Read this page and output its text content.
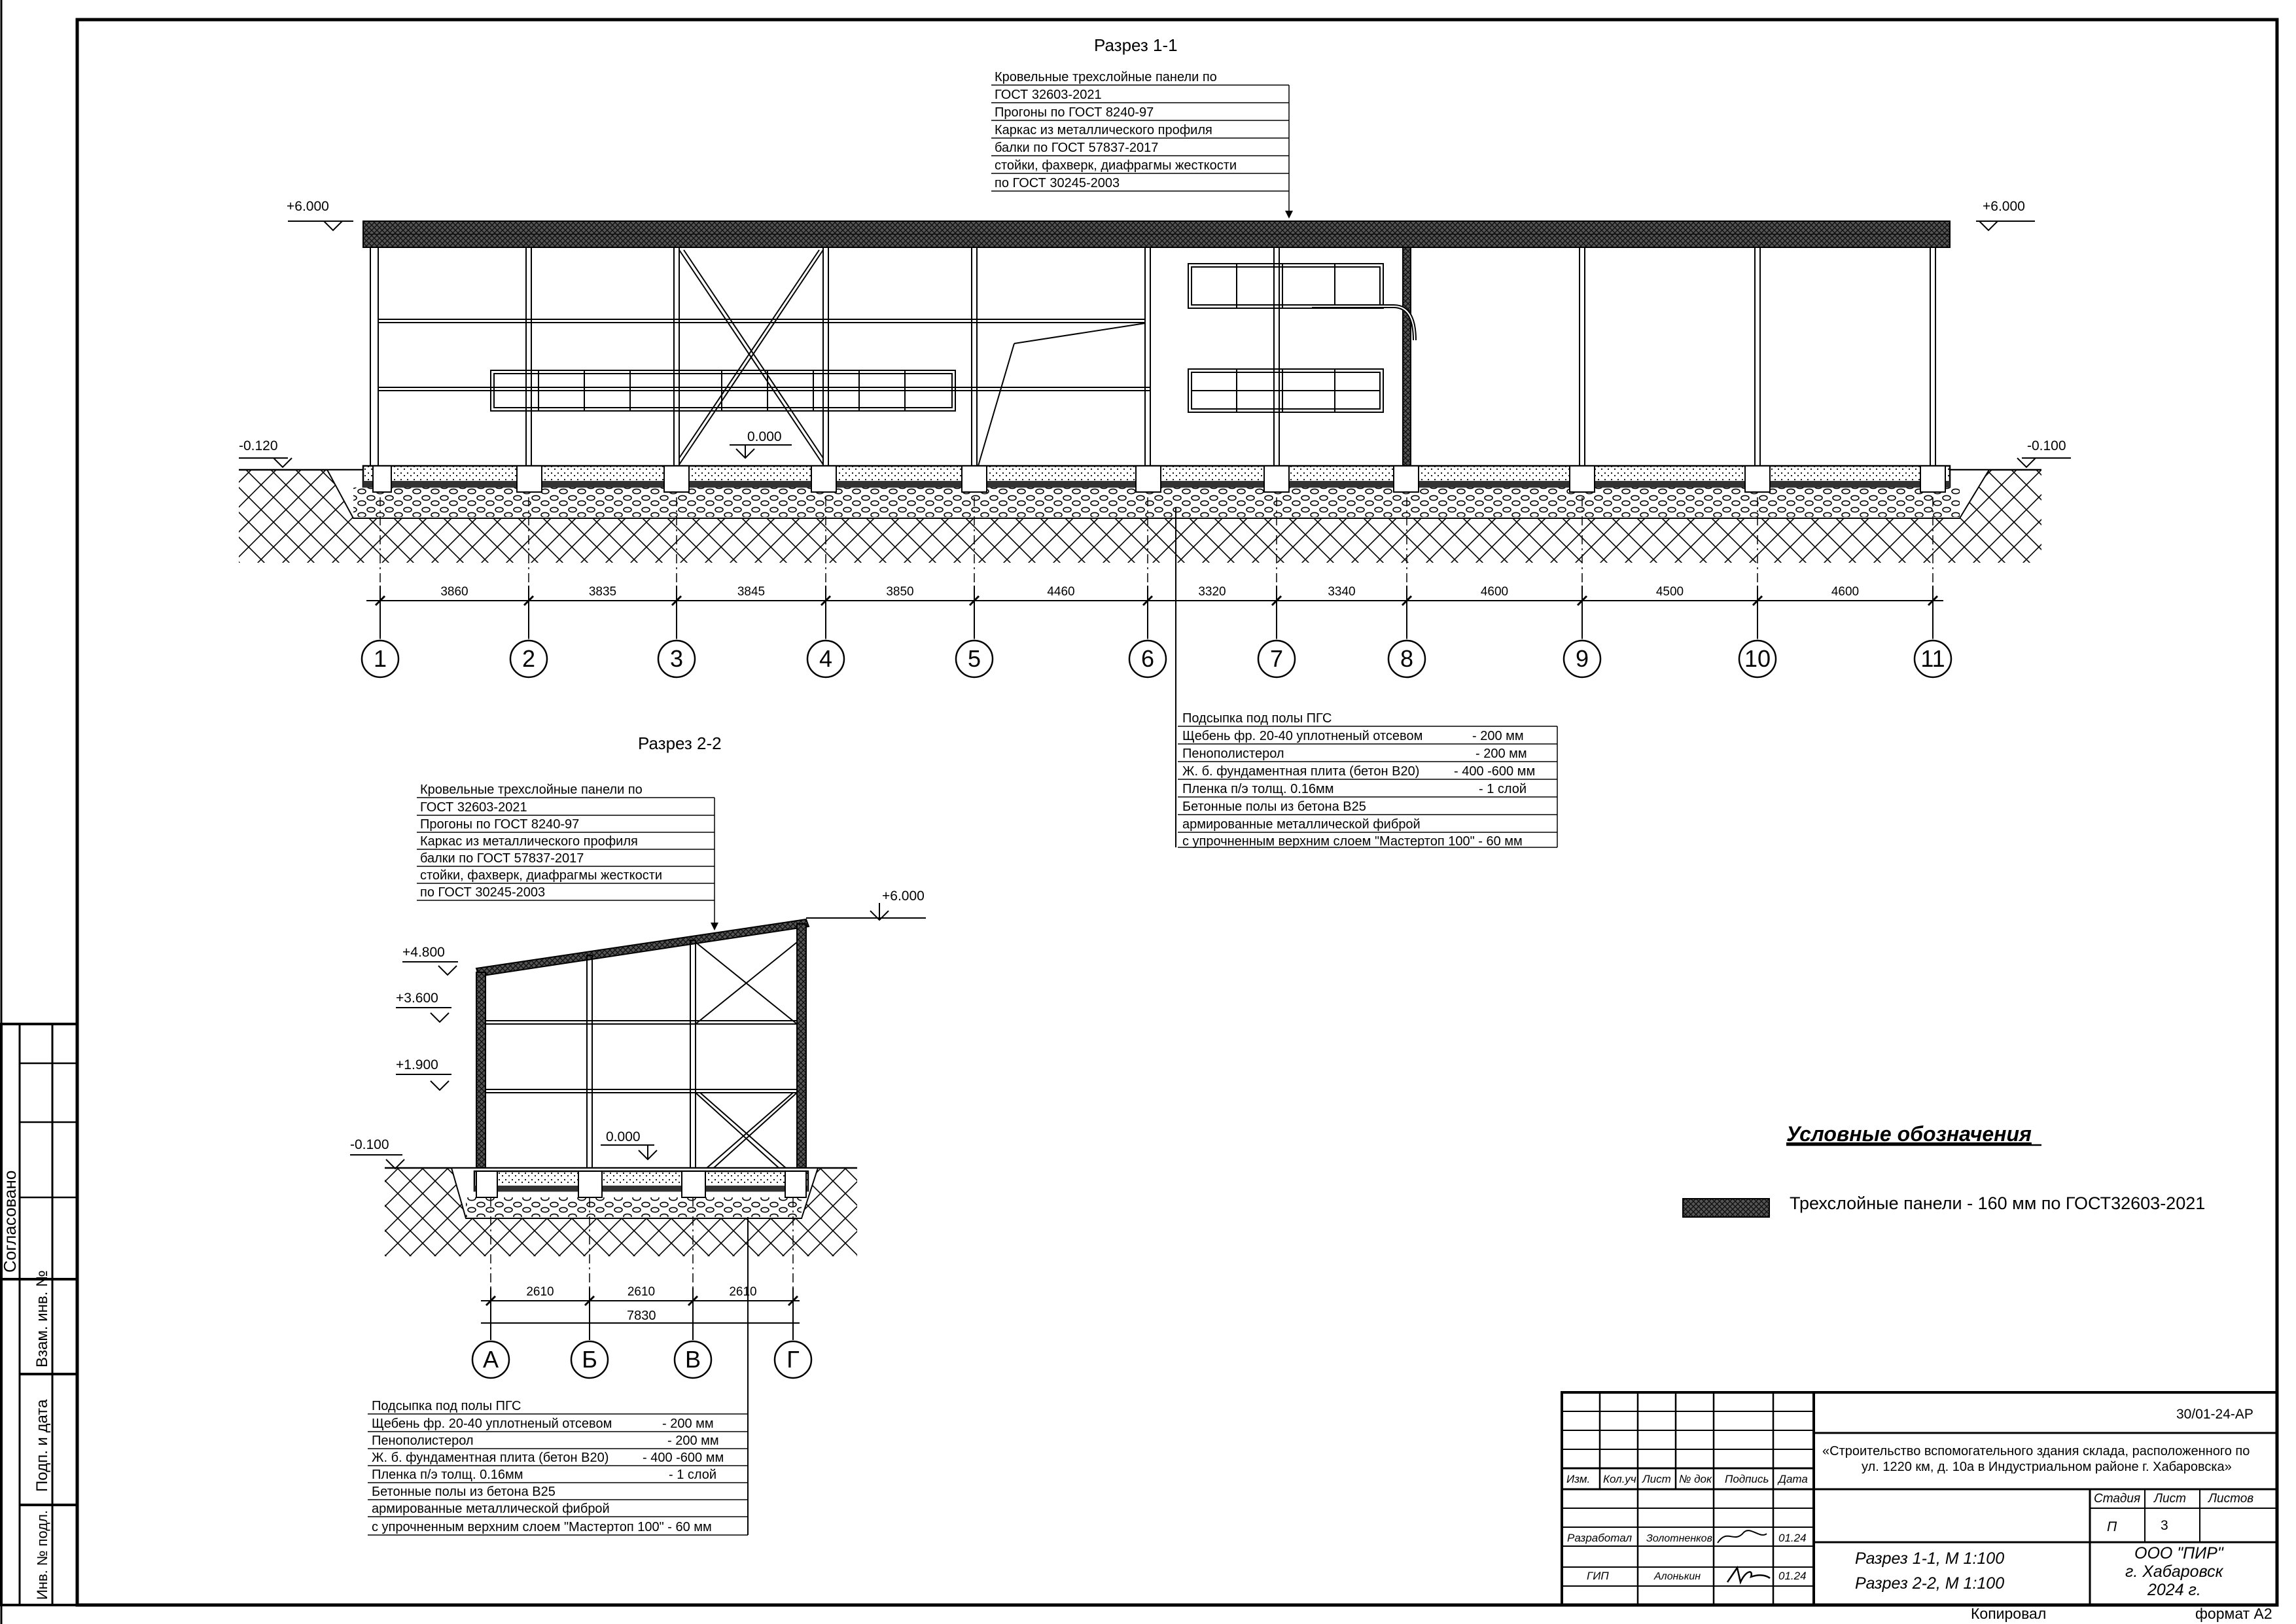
Согласовано
Взам. инв. №
Подп. и дата
Инв. № подл.
Разрез 1-1
Кровельные трехслойные панели по
ГОСТ 32603-2021
Прогоны по ГОСТ 8240-97
Каркас из металлического профиля
балки по ГОСТ 57837-2017
стойки, фахверк, диафрагмы жесткости
по ГОСТ 30245-2003
+6.000	+6.000
-0.120	-0.100
0.000
3860	3835	3845	3850	4460	3320	3340	4600	4500	4600
1	2	3	4	5	6	7	8	9	10	11
Подсыпка под полы ПГС
Щебень фр. 20-40 уплотненый отсевом	- 200 мм
Пенополистерол	- 200 мм
Ж. б. фундаментная плита (бетон В20)	- 400 -600 мм
Пленка п/э толщ. 0.16мм	- 1 слой
Бетонные полы из бетона В25
армированные металлической фиброй
с упрочненным верхним слоем "Мастертоп 100" - 60 мм
Разрез 2-2
Кровельные трехслойные панели по
ГОСТ 32603-2021
Прогоны по ГОСТ 8240-97
Каркас из металлического профиля
балки по ГОСТ 57837-2017
стойки, фахверк, диафрагмы жесткости
по ГОСТ 30245-2003	+6.000
+4.800
+3.600
+1.900
-0.100
0.000
2610	2610	2610
7830
А	Б	В	Г
Подсыпка под полы ПГС
Щебень фр. 20-40 уплотненый отсевом	- 200 мм
Пенополистерол	- 200 мм
Ж. б. фундаментная плита (бетон В20)	- 400 -600 мм
Пленка п/э толщ. 0.16мм	- 1 слой
Бетонные полы из бетона В25
армированные металлической фиброй
с упрочненным верхним слоем "Мастертоп 100" - 60 мм
Условные обозначения
Трехслойные панели - 160 мм по ГОСТ32603-2021
30/01-24-АР
«Строительство вспомогательного здания склада, расположенного по
ул. 1220 км, д. 10а в Индустриальном районе г. Хабаровска»
Изм. Кол.уч Лист № док Подпись Дата
Стадия Лист Листов
П	3
Разработал Золотненков	01.24
ГИП	Алонькин	01.24
Разрез 1-1, М 1:100
Разрез 2-2, М 1:100
ООО "ПИР"
г. Хабаровск
2024 г.
Копировал	формат А2
